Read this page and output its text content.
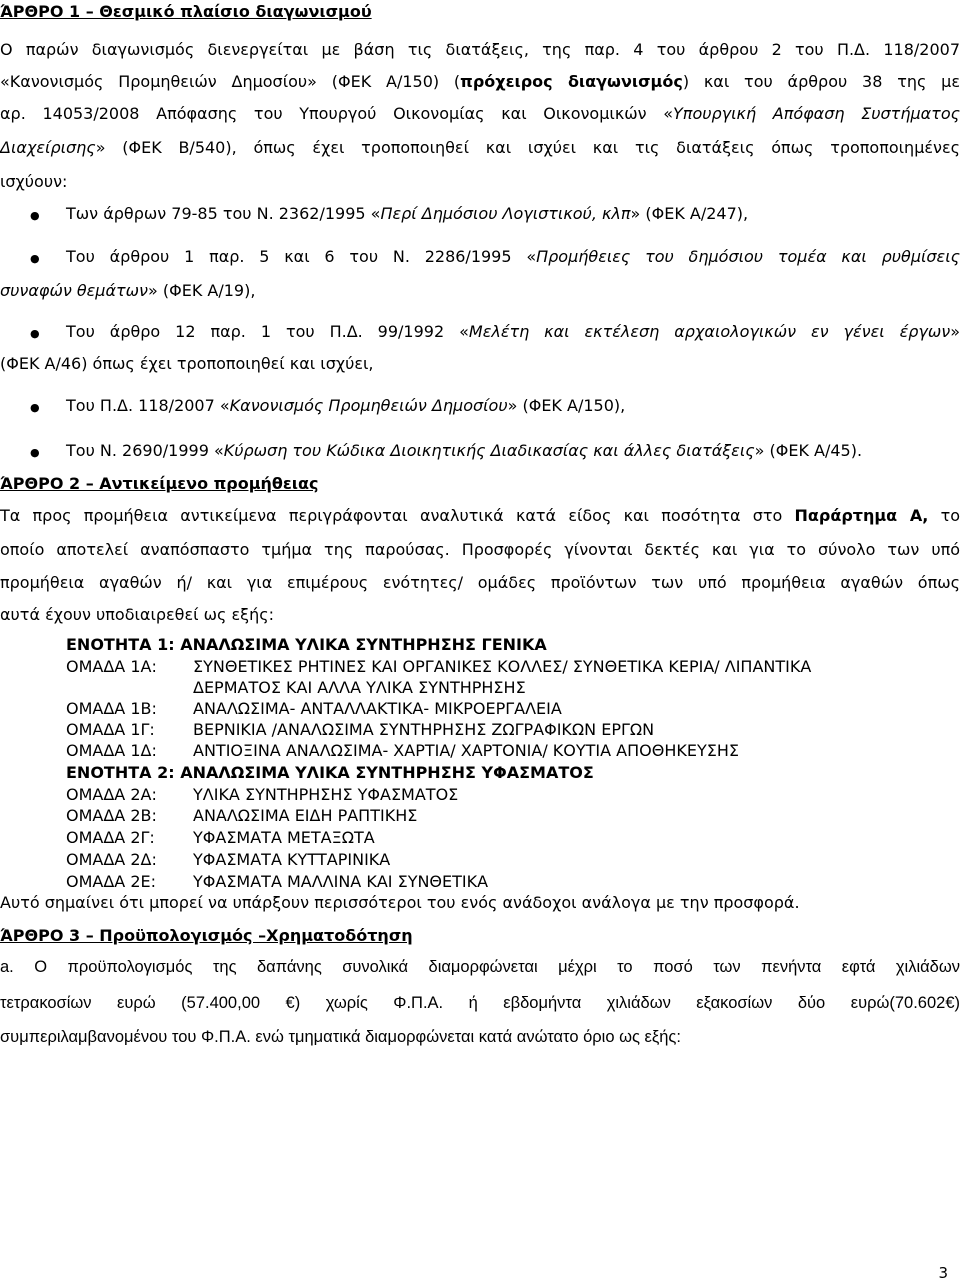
ΆΡΘΡΟ 1 – Θεσμικό πλαίσιο διαγωνισμού
Ο παρών διαγωνισμός διενεργείται με βάση τις διατάξεις, της παρ. 4 του άρθρου 2 του Π.Δ. 118/2007
«Κανονισμός Προμηθειών Δημοσίου» (ΦΕΚ Α/150) (πρόχειρος διαγωνισμός) και του άρθρου 38 της με
αρ. 14053/2008 Απόφασης του Υπουργού Οικονομίας και Οικονομικών «Υπουργική Απόφαση Συστήματος
Διαχείρισης» (ΦΕΚ Β/540), όπως έχει τροποποιηθεί και ισχύει και τις διατάξεις όπως τροποποιημένες
ισχύουν:
● Των άρθρων 79-85 του Ν. 2362/1995 «Περί Δημόσιου Λογιστικού, κλπ» (ΦΕΚ Α/247),
● Του άρθρου 1 παρ. 5 και 6 του Ν. 2286/1995 «Προμήθειες του δημόσιου τομέα και ρυθμίσεις
συναφών θεμάτων» (ΦΕΚ Α/19),
● Του άρθρο 12 παρ. 1 του Π.Δ. 99/1992 «Μελέτη και εκτέλεση αρχαιολογικών εν γένει έργων»
(ΦΕΚ Α/46) όπως έχει τροποποιηθεί και ισχύει,
● Του Π.Δ. 118/2007 «Κανονισμός Προμηθειών Δημοσίου» (ΦΕΚ Α/150),
● Του Ν. 2690/1999 «Κύρωση του Κώδικα Διοικητικής Διαδικασίας και άλλες διατάξεις» (ΦΕΚ Α/45).
ΆΡΘΡΟ 2 – Αντικείμενο προμήθειας
Τα προς προμήθεια αντικείμενα περιγράφονται αναλυτικά κατά είδος και ποσότητα στο Παράρτημα Α, το
οποίο αποτελεί αναπόσπαστο τμήμα της παρούσας. Προσφορές γίνονται δεκτές και για το σύνολο των υπό
προμήθεια αγαθών ή/ και για επιμέρους ενότητες/ ομάδες προϊόντων των υπό προμήθεια αγαθών όπως
αυτά έχουν υποδιαιρεθεί ως εξής:
ΕΝΟΤΗΤΑ 1: ΑΝΑΛΩΣΙΜΑ ΥΛΙΚΑ ΣΥΝΤΗΡΗΣΗΣ ΓΕΝΙΚΑ
ΟΜΑΔΑ 1Α: ΣΥΝΘΕΤΙΚΕΣ ΡΗΤΙΝΕΣ ΚΑΙ ΟΡΓΑΝΙΚΕΣ ΚΟΛΛΕΣ/ ΣΥΝΘΕΤΙΚΑ ΚΕΡΙΑ/ ΛΙΠΑΝΤΙΚΑ
ΔΕΡΜΑΤΟΣ ΚΑΙ ΑΛΛΑ ΥΛΙΚΑ ΣΥΝΤΗΡΗΣΗΣ
ΟΜΑΔΑ 1Β: ΑΝΑΛΩΣΙΜΑ- ΑΝΤΑΛΛΑΚΤΙΚΑ- ΜΙΚΡΟΕΡΓΑΛΕΙΑ
ΟΜΑΔΑ 1Γ: ΒΕΡΝΙΚΙΑ /ΑΝΑΛΩΣΙΜΑ ΣΥΝΤΗΡΗΣΗΣ ΖΩΓΡΑΦΙΚΩΝ ΕΡΓΩΝ
ΟΜΑΔΑ 1Δ: ΑΝΤΙΟΞΙΝΑ ΑΝΑΛΩΣΙΜΑ- ΧΑΡΤΙΑ/ ΧΑΡΤΟΝΙΑ/ ΚΟΥΤΙΑ ΑΠΟΘΗΚΕΥΣΗΣ
ΕΝΟΤΗΤΑ 2: ΑΝΑΛΩΣΙΜΑ ΥΛΙΚΑ ΣΥΝΤΗΡΗΣΗΣ ΥΦΑΣΜΑΤΟΣ
ΟΜΑΔΑ 2Α: ΥΛΙΚΑ ΣΥΝΤΗΡΗΣΗΣ ΥΦΑΣΜΑΤΟΣ
ΟΜΑΔΑ 2Β: ΑΝΑΛΩΣΙΜΑ ΕΙΔΗ ΡΑΠΤΙΚΗΣ
ΟΜΑΔΑ 2Γ: ΥΦΑΣΜΑΤΑ ΜΕΤΑΞΩΤΑ
ΟΜΑΔΑ 2Δ: ΥΦΑΣΜΑΤΑ ΚΥΤΤΑΡΙΝΙΚΑ
ΟΜΑΔΑ 2Ε: ΥΦΑΣΜΑΤΑ ΜΑΛΛΙΝΑ ΚΑΙ ΣΥΝΘΕΤΙΚΑ
Αυτό σημαίνει ότι μπορεί να υπάρξουν περισσότεροι του ενός ανάδοχοι ανάλογα με την προσφορά.
ΆΡΘΡΟ 3 – Προϋπολογισμός –Χρηματοδότηση
a. Ο προϋπολογισμός της δαπάνης συνολικά διαμορφώνεται μέχρι το ποσό των πενήντα εφτά χιλιάδων
τετρακοσίων ευρώ (57.400,00 €) χωρίς Φ.Π.Α. ή εβδομήντα χιλιάδων εξακοσίων δύο ευρώ(70.602€)
συμπεριλαμβανομένου του Φ.Π.Α. ενώ τμηματικά διαμορφώνεται κατά ανώτατο όριο ως εξής:
3
